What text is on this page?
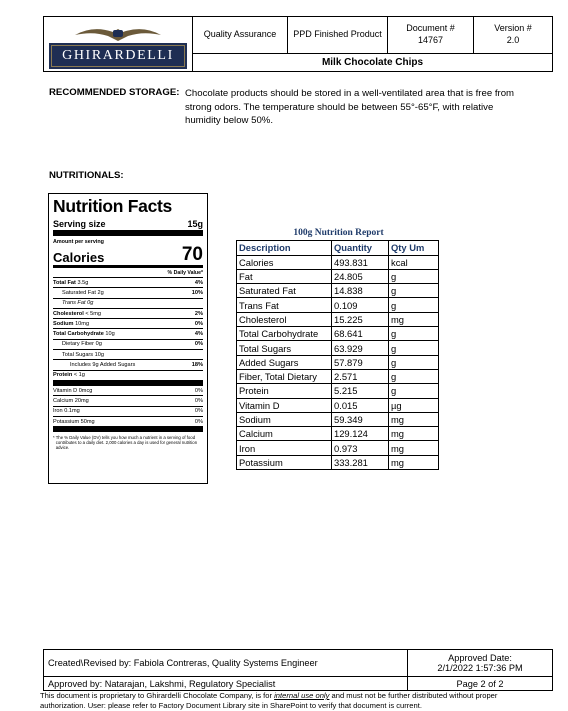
GHIRARDELLI
Quality Assurance	PPD Finished Product
Document #
14767
Version #
2.0
Milk Chocolate Chips
RECOMMENDED STORAGE: Chocolate products should be stored in a well-ventilated area that is free from strong odors. The temperature should be between 55°-65°F, with relative humidity below 50%.
NUTRITIONALS:
Nutrition Facts
Serving size	15g
Amount per serving
Calories	70
% Daily Value*
Total Fat 3.5g	4%
Saturated Fat 2g	10%
Trans Fat 0g
Cholesterol < 5mg	2%
Sodium 10mg	0%
Total Carbohydrate 10g	4%
Dietary Fiber 0g	0%
Total Sugars 10g
Includes 9g Added Sugars	18%
Protein < 1g
Vitamin D 0mcg	0%
Calcium 20mg	0%
Iron 0.1mg	0%
Potassium 50mg	0%
* The % Daily Value (DV) tells you how much a nutrient in a serving of food contributes to a daily diet. 2,000 calories a day is used for general nutrition advice.
100g Nutrition Report		
Description	Quantity	Qty Um
Calories	493.831	kcal
Fat	24.805	g
Saturated Fat	14.838	g
Trans Fat	0.109	g
Cholesterol	15.225	mg
Total Carbohydrate	68.641	g
Total Sugars	63.929	g
Added Sugars	57.879	g
Fiber, Total Dietary	2.571	g
Protein	5.215	g
Vitamin D	0.015	µg
Sodium	59.349	mg
Calcium	129.124	mg
Iron	0.973	mg
Potassium	333.281	mg
Created\Revised by: Fabiola Contreras, Quality Systems Engineer	Approved Date:
2/1/2022 1:57:36 PM
Approved by: Natarajan, Lakshmi, Regulatory Specialist	Page 2 of 2
This document is proprietary to Ghirardelli Chocolate Company, is for internal use only and must not be further distributed without proper authorization. User: please refer to Factory Document Library site in SharePoint to verify that document is current.
